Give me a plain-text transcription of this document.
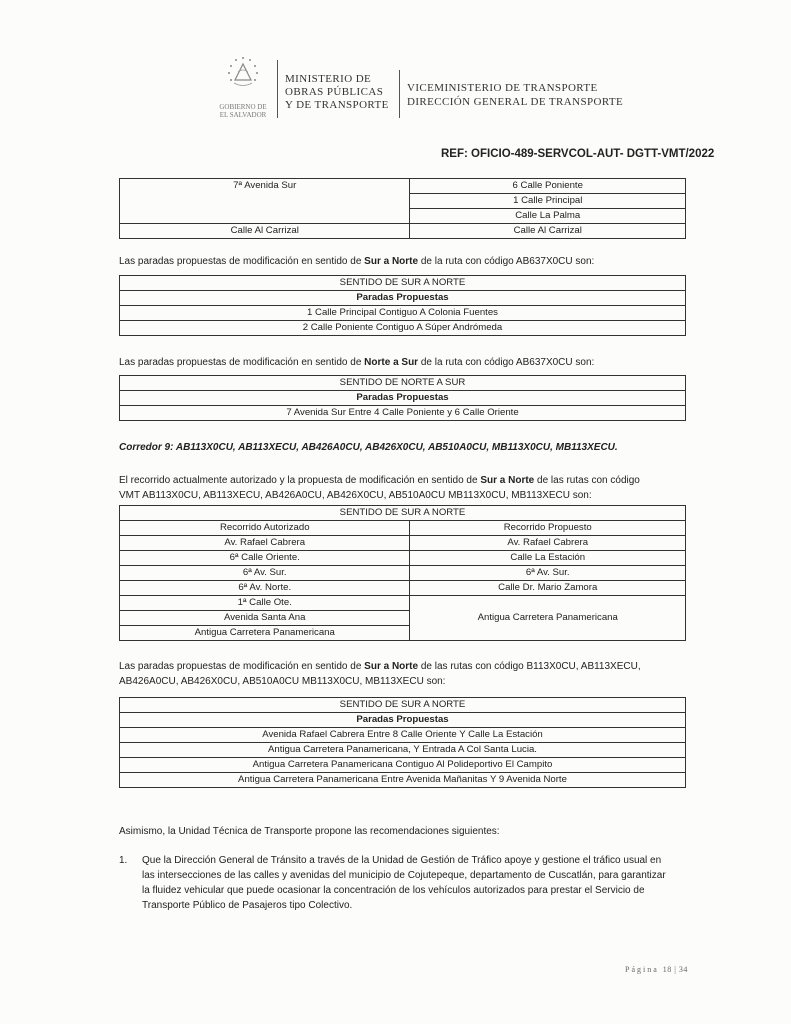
GOBIERNO DE
EL SALVADOR
MINISTERIO DE
OBRAS PÚBLICAS
Y DE TRANSPORTE
VICEMINISTERIO DE TRANSPORTE
DIRECCIÓN GENERAL DE TRANSPORTE
REF: OFICIO-489-SERVCOL-AUT- DGTT-VMT/2022
7ª Avenida Sur	6 Calle Poniente
	1 Calle Principal
	Calle La Palma
Calle Al Carrizal	Calle Al Carrizal
Las paradas propuestas de modificación en sentido de Sur a Norte de la ruta con código AB637X0CU son:
SENTIDO DE SUR A NORTE
Paradas Propuestas
1 Calle Principal Contiguo A Colonia Fuentes
2 Calle Poniente Contiguo A Súper Andrómeda
Las paradas propuestas de modificación en sentido de Norte a Sur de la ruta con código AB637X0CU son:
SENTIDO DE NORTE A SUR
Paradas Propuestas
7 Avenida Sur Entre 4 Calle Poniente y 6 Calle Oriente
Corredor 9: AB113X0CU, AB113XECU, AB426A0CU, AB426X0CU, AB510A0CU, MB113X0CU, MB113XECU.
El recorrido actualmente autorizado y la propuesta de modificación en sentido de Sur a Norte de las rutas con código
VMT AB113X0CU, AB113XECU, AB426A0CU, AB426X0CU, AB510A0CU MB113X0CU, MB113XECU son:
SENTIDO DE SUR A NORTE	
Recorrido Autorizado	Recorrido Propuesto
Av. Rafael Cabrera	Av. Rafael Cabrera
6ª Calle Oriente.	Calle La Estación
6ª Av. Sur.	6ª Av. Sur.
6ª Av. Norte.	Calle Dr. Mario Zamora
1ª Calle Ote.	Antigua Carretera Panamericana
Avenida Santa Ana	
Antigua Carretera Panamericana	
Las paradas propuestas de modificación en sentido de Sur a Norte de las rutas con código B113X0CU, AB113XECU,
AB426A0CU, AB426X0CU, AB510A0CU MB113X0CU, MB113XECU son:
SENTIDO DE SUR A NORTE
Paradas Propuestas
Avenida Rafael Cabrera Entre 8 Calle Oriente Y Calle La Estación
Antigua Carretera Panamericana, Y Entrada A Col Santa Lucia.
Antigua Carretera Panamericana Contiguo Al Polideportivo El Campito
Antigua Carretera Panamericana Entre Avenida Mañanitas Y 9 Avenida Norte
Asimismo, la Unidad Técnica de Transporte propone las recomendaciones siguientes:
1. Que la Dirección General de Tránsito a través de la Unidad de Gestión de Tráfico apoye y gestione el tráfico usual en
las intersecciones de las calles y avenidas del municipio de Cojutepeque, departamento de Cuscatlán, para garantizar
la fluidez vehicular que puede ocasionar la concentración de los vehículos autorizados para prestar el Servicio de
Transporte Público de Pasajeros tipo Colectivo.
Página 18 | 34
